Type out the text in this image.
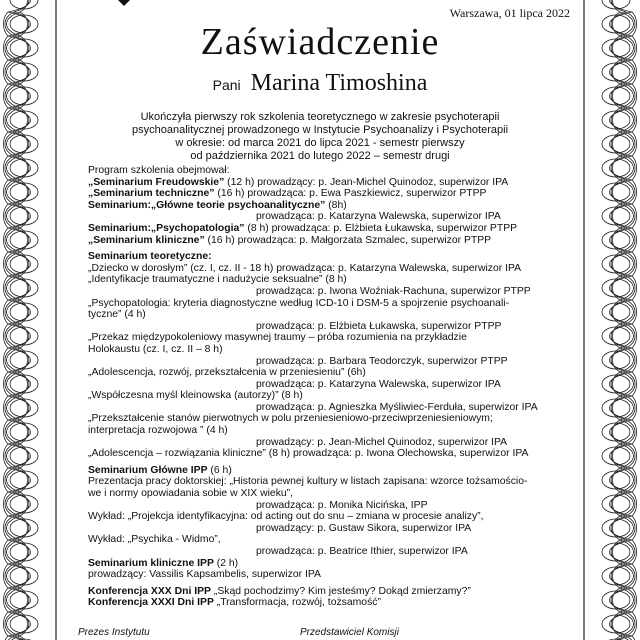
Warszawa, 01 lipca 2022
Zaświadczenie
Pani Marina Timoshina
Ukończyła pierwszy rok szkolenia teoretycznego w zakresie psychoterapii
psychoanalitycznej prowadzonego w Instytucie Psychoanalizy i Psychoterapii
w okresie: od marca 2021 do lipca 2021 - semestr pierwszy
od października 2021 do lutego 2022 – semestr drugi
Program szkolenia obejmował:
„Seminarium Freudowskie” (12 h) prowadzący: p. Jean-Michel Quinodoz, superwizor IPA
„Seminarium techniczne” (16 h) prowadząca: p. Ewa Paszkiewicz, superwizor PTPP
Seminarium:„Główne teorie psychoanalityczne” (8h)
prowadząca: p. Katarzyna Walewska, superwizor IPA
Seminarium:„Psychopatologia” (8 h) prowadząca: p. Elżbieta Łukawska, superwizor PTPP
„Seminarium kliniczne” (16 h) prowadząca: p. Małgorzata Szmalec, superwizor PTPP
Seminarium teoretyczne:
„Dziecko w dorosłym” (cz. I, cz. II - 18 h) prowadząca: p. Katarzyna Walewska, superwizor IPA
„Identyfikacje traumatyczne i nadużycie seksualne” (8 h)
prowadząca: p. Iwona Woźniak-Rachuna, superwizor PTPP
„Psychopatologia: kryteria diagnostyczne według ICD-10 i DSM-5 a spojrzenie psychoanali-
tyczne” (4 h)
prowadząca: p. Elżbieta Łukawska, superwizor PTPP
„Przekaz międzypokoleniowy masywnej traumy – próba rozumienia na przykładzie
Holokaustu (cz. I, cz. II – 8 h)
prowadząca: p. Barbara Teodorczyk, superwizor PTPP
„Adolescencja, rozwój, przekształcenia w przeniesieniu” (6h)
prowadząca: p. Katarzyna Walewska, superwizor IPA
„Współczesna myśl kleinowska (autorzy)” (8 h)
prowadząca: p. Agnieszka Myśliwiec-Ferduła, superwizor IPA
„Przekształcenie stanów pierwotnych w polu przeniesieniowo-przeciwprzeniesieniowym;
interpretacja rozwojowa ” (4 h)
prowadzący: p. Jean-Michel Quinodoz, superwizor IPA
„Adolescencja – rozwiązania kliniczne” (8 h) prowadząca: p. Iwona Olechowska, superwizor IPA
Seminarium Główne IPP (6 h)
Prezentacja pracy doktorskiej: „Historia pewnej kultury w listach zapisana: wzorce tożsamościo-
we i normy opowiadania sobie w XIX wieku”,
prowadząca: p. Monika Nicińska, IPP
Wykład: „Projekcja identyfikacyjna: od acting out do snu – zmiana w procesie analizy”,
prowadzący: p. Gustaw Sikora, superwizor IPA
Wykład: „Psychika - Widmo”,
prowadząca: p. Beatrice Ithier, superwizor IPA
Seminarium kliniczne IPP (2 h)
prowadzący: Vassilis Kapsambelis, superwizor IPA
Konferencja XXX Dni IPP „Skąd pochodzimy? Kim jesteśmy? Dokąd zmierzamy?”
Konferencja XXXI Dni IPP „Transformacja, rozwój, tożsamość”
Prezes Instytutu	Przedstawiciel Komisji
